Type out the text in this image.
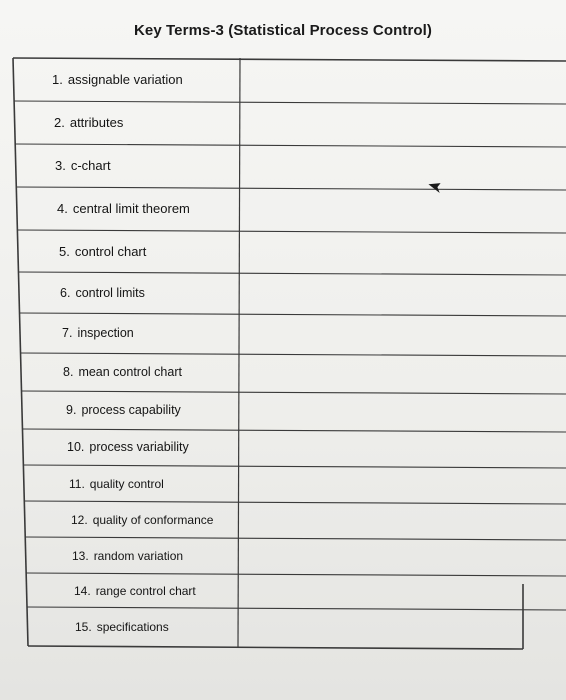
Key Terms-3 (Statistical Process Control)
1. assignable variation
2. attributes
3. c-chart
4. central limit theorem
5. control chart
6. control limits
7. inspection
8. mean control chart
9. process capability
10. process variability
11. quality control
12. quality of conformance
13. random variation
14. range control chart
15. specifications
